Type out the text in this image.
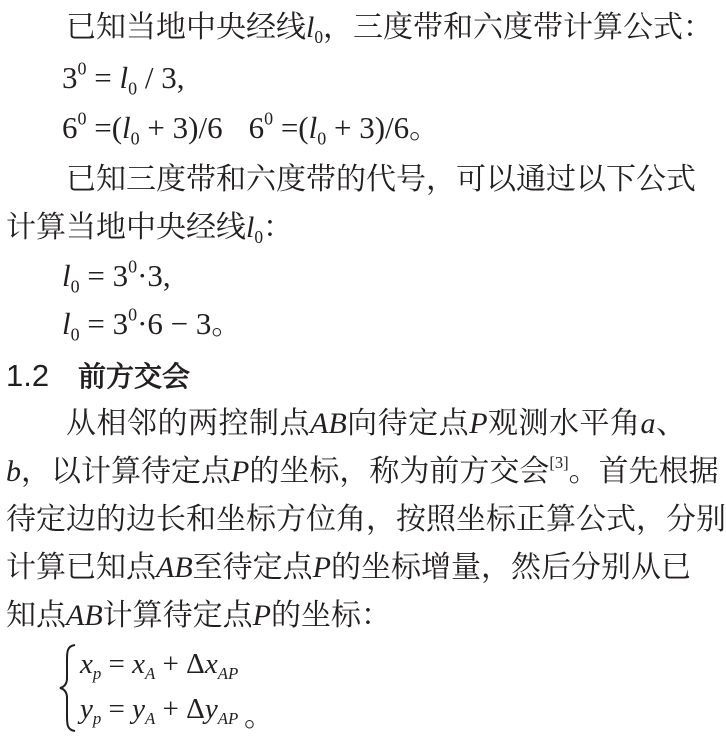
已知当地中央经线$l_0$，三度带和六度带计算公式：
$3^0 = l_0 / 3$,
$6^0 =(l_0 + 3)/6$ $6^0 =(l_0 + 3)/6$。
已知三度带和六度带的代号，可以通过以下公式
计算当地中央经线$l_0$：
$l_0 = 3^0\cdot 3$,
$l_0 = 3^0\cdot 6 - 3$。
1.2 前方交会
从相邻的两控制点AB向待定点P观测水平角a、
b，以计算待定点P的坐标，称为前方交会[3]。首先根据
待定边的边长和坐标方位角，按照坐标正算公式，分别
计算已知点AB至待定点P的坐标增量，然后分别从已
知点AB计算待定点P的坐标：
$x_p = x_A + \Delta x_{AP}$
$y_p = y_A + \Delta y_{AP}$ 。
